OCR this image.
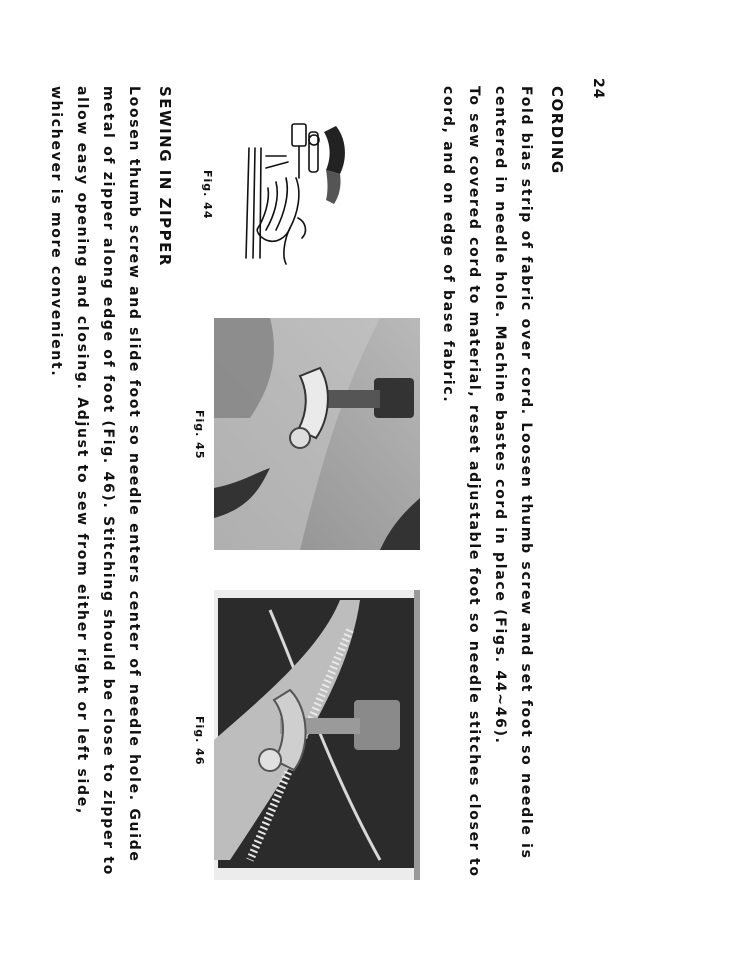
24
CORDING

Fold bias strip of fabric over cord. Loosen thumb screw and set foot so needle is centered in needle hole. Machine bastes cord in place (Figs. 44~46).

To sew covered cord to material, reset adjustable foot so needle stitches closer to cord, and on edge of base fabric.

Fig. 44
Fig. 45
Fig. 46
SEWING IN ZIPPER

Loosen thumb screw and slide foot so needle enters center of needle hole. Guide metal of zipper along edge of foot (Fig. 46). Stitching should be close to zipper to allow easy opening and closing. Adjust to sew from either right or left side, whichever is more convenient.
